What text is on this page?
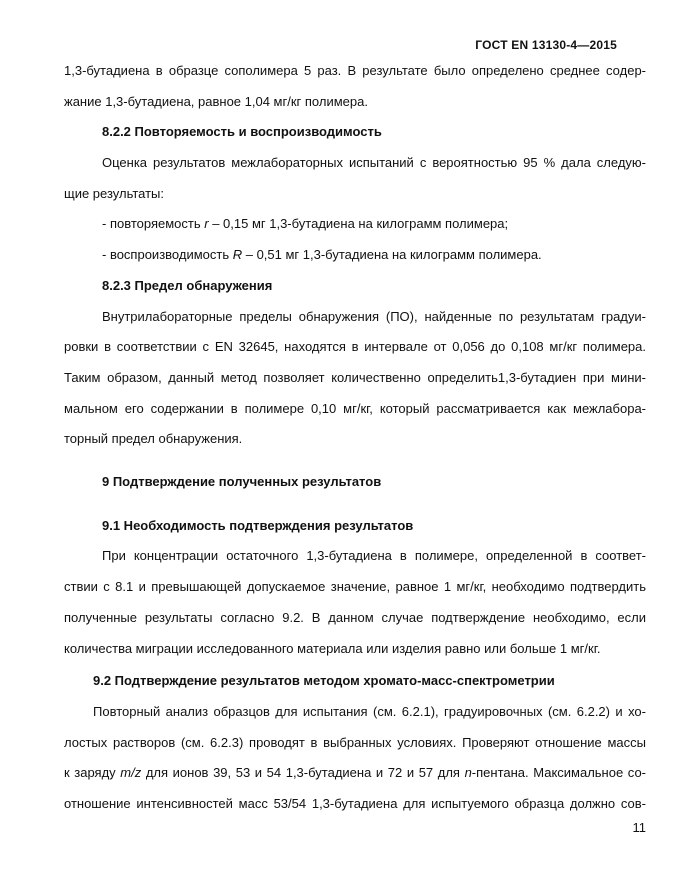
ГОСТ EN 13130-4—2015
1,3-бутадиена в образце сополимера 5 раз. В результате было определено среднее содер-
жание 1,3-бутадиена, равное 1,04 мг/кг полимера.
8.2.2 Повторяемость и воспроизводимость
Оценка результатов межлабораторных испытаний с вероятностью 95 % дала следую-
щие результаты:
- повторяемость r – 0,15 мг 1,3-бутадиена на килограмм полимера;
- воспроизводимость R – 0,51 мг 1,3-бутадиена на килограмм полимера.
8.2.3 Предел обнаружения
Внутрилабораторные пределы обнаружения (ПО), найденные по результатам градуи-
ровки в соответствии с EN 32645, находятся в интервале от 0,056 до 0,108 мг/кг полимера.
Таким образом, данный метод позволяет количественно определить1,3-бутадиен при мини-
мальном его содержании в полимере 0,10 мг/кг, который рассматривается как межлабора-
торный предел обнаружения.
9 Подтверждение полученных результатов
9.1 Необходимость подтверждения результатов
При концентрации остаточного 1,3-бутадиена в полимере, определенной в соответ-
ствии с 8.1 и превышающей допускаемое значение, равное 1 мг/кг, необходимо подтвердить
полученные результаты согласно 9.2. В данном случае подтверждение необходимо, если
количества миграции исследованного материала или изделия равно или больше 1 мг/кг.
9.2 Подтверждение результатов методом хромато-масс-спектрометрии
Повторный анализ образцов для испытания (см. 6.2.1), градуировочных (см. 6.2.2) и хо-
лостых растворов (см. 6.2.3) проводят в выбранных условиях. Проверяют отношение массы
к заряду m/z для ионов 39, 53 и 54 1,3-бутадиена и 72 и 57 для n-пентана. Максимальное со-
отношение интенсивностей масс 53/54 1,3-бутадиена для испытуемого образца должно сов-
11
